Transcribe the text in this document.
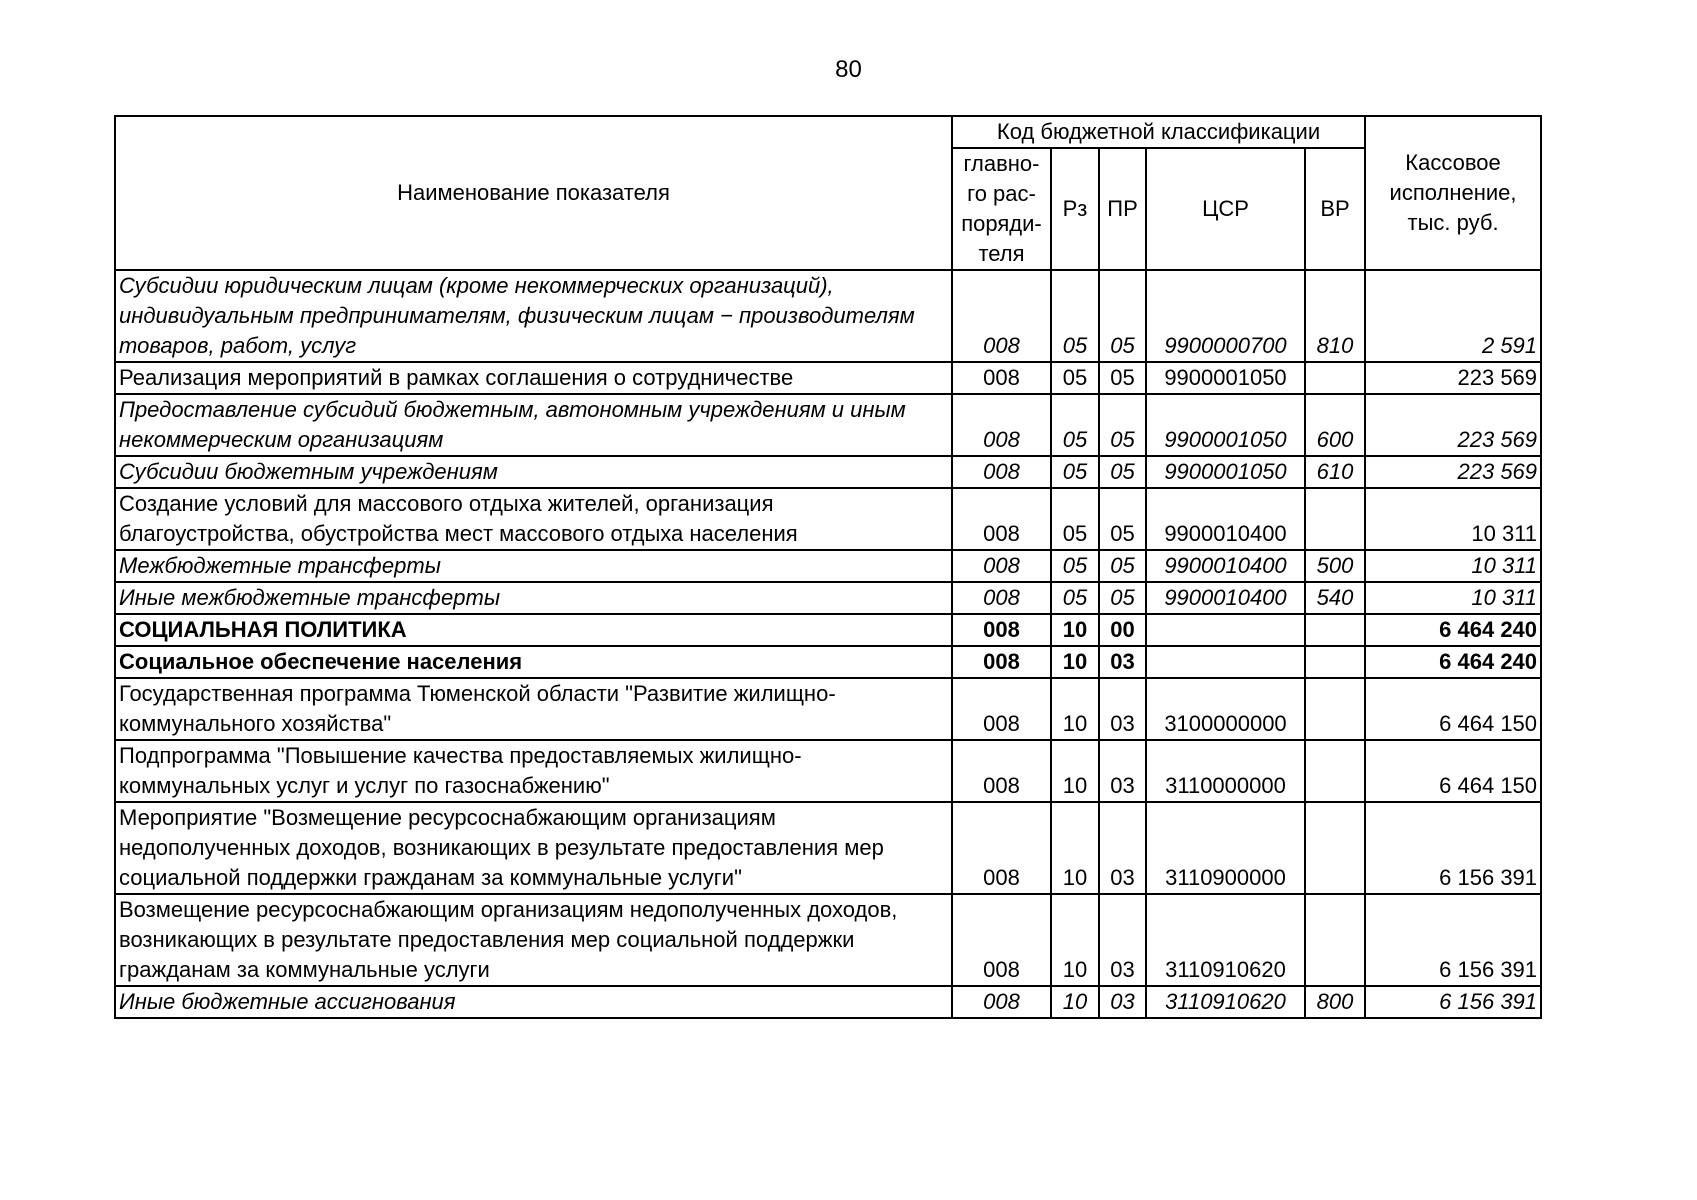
80
Наименование показателя	Код бюджетной классификации					Кассовое исполнение, тыс. руб.
	главно-го рас-поряди-теля	Рз	ПР	ЦСР	ВР	
Субсидии юридическим лицам (кроме некоммерческих организаций), индивидуальным предпринимателям, физическим лицам − производителям товаров, работ, услуг	008	05	05	9900000700	810	2 591
Реализация мероприятий в рамках соглашения о сотрудничестве	008	05	05	9900001050		223 569
Предоставление субсидий бюджетным, автономным учреждениям и иным некоммерческим организациям	008	05	05	9900001050	600	223 569
Субсидии бюджетным учреждениям	008	05	05	9900001050	610	223 569
Создание условий для массового отдыха жителей, организация благоустройства, обустройства мест массового отдыха населения	008	05	05	9900010400		10 311
Межбюджетные трансферты	008	05	05	9900010400	500	10 311
Иные межбюджетные трансферты	008	05	05	9900010400	540	10 311
СОЦИАЛЬНАЯ ПОЛИТИКА	008	10	00			6 464 240
Социальное обеспечение населения	008	10	03			6 464 240
Государственная программа Тюменской области "Развитие жилищно-коммунального хозяйства"	008	10	03	3100000000		6 464 150
Подпрограмма "Повышение качества предоставляемых жилищно-коммунальных услуг и услуг по газоснабжению"	008	10	03	3110000000		6 464 150
Мероприятие "Возмещение ресурсоснабжающим организациям недополученных доходов, возникающих в результате предоставления мер социальной поддержки гражданам за коммунальные услуги"	008	10	03	3110900000		6 156 391
Возмещение ресурсоснабжающим организациям недополученных доходов, возникающих в результате предоставления мер социальной поддержки гражданам за коммунальные услуги	008	10	03	3110910620		6 156 391
Иные бюджетные ассигнования	008	10	03	3110910620	800	6 156 391
